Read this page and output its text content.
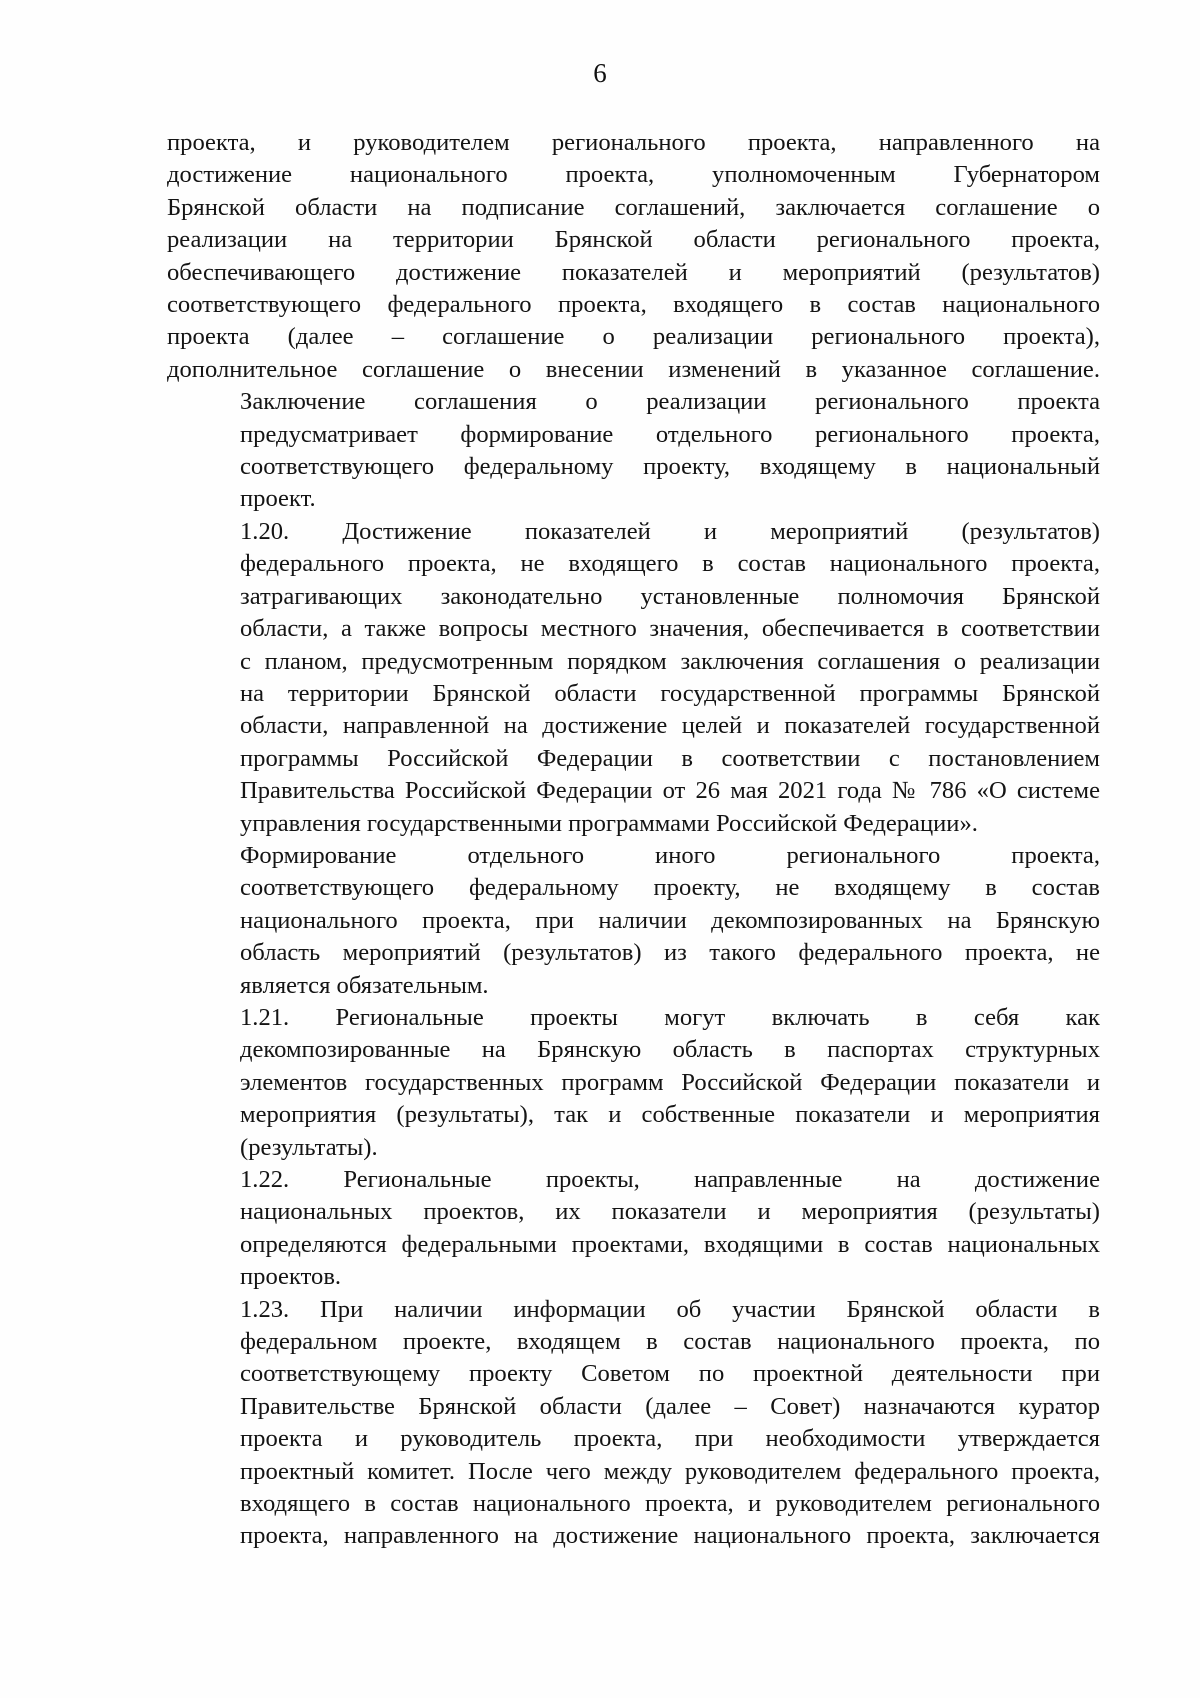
6
проекта, и руководителем регионального проекта, направленного на
достижение национального проекта, уполномоченным Губернатором
Брянской области на подписание соглашений, заключается соглашение о
реализации на территории Брянской области регионального проекта,
обеспечивающего достижение показателей и мероприятий (результатов)
соответствующего федерального проекта, входящего в состав национального
проекта (далее – соглашение о реализации регионального проекта),
дополнительное соглашение о внесении изменений в указанное соглашение.
Заключение соглашения о реализации регионального проекта
предусматривает формирование отдельного регионального проекта,
соответствующего федеральному проекту, входящему в национальный
проект.
1.20. Достижение показателей и мероприятий (результатов)
федерального проекта, не входящего в состав национального проекта,
затрагивающих законодательно установленные полномочия Брянской
области, а также вопросы местного значения, обеспечивается в соответствии
с планом, предусмотренным порядком заключения соглашения о реализации
на территории Брянской области государственной программы Брянской
области, направленной на достижение целей и показателей государственной
программы Российской Федерации в соответствии с постановлением
Правительства Российской Федерации от 26 мая 2021 года № 786 «О системе
управления государственными программами Российской Федерации».
Формирование отдельного иного регионального проекта,
соответствующего федеральному проекту, не входящему в состав
национального проекта, при наличии декомпозированных на Брянскую
область мероприятий (результатов) из такого федерального проекта, не
является обязательным.
1.21. Региональные проекты могут включать в себя как
декомпозированные на Брянскую область в паспортах структурных
элементов государственных программ Российской Федерации показатели и
мероприятия (результаты), так и собственные показатели и мероприятия
(результаты).
1.22. Региональные проекты, направленные на достижение
национальных проектов, их показатели и мероприятия (результаты)
определяются федеральными проектами, входящими в состав национальных
проектов.
1.23. При наличии информации об участии Брянской области в
федеральном проекте, входящем в состав национального проекта, по
соответствующему проекту Советом по проектной деятельности при
Правительстве Брянской области (далее – Совет) назначаются куратор
проекта и руководитель проекта, при необходимости утверждается
проектный комитет. После чего между руководителем федерального проекта,
входящего в состав национального проекта, и руководителем регионального
проекта, направленного на достижение национального проекта, заключается
